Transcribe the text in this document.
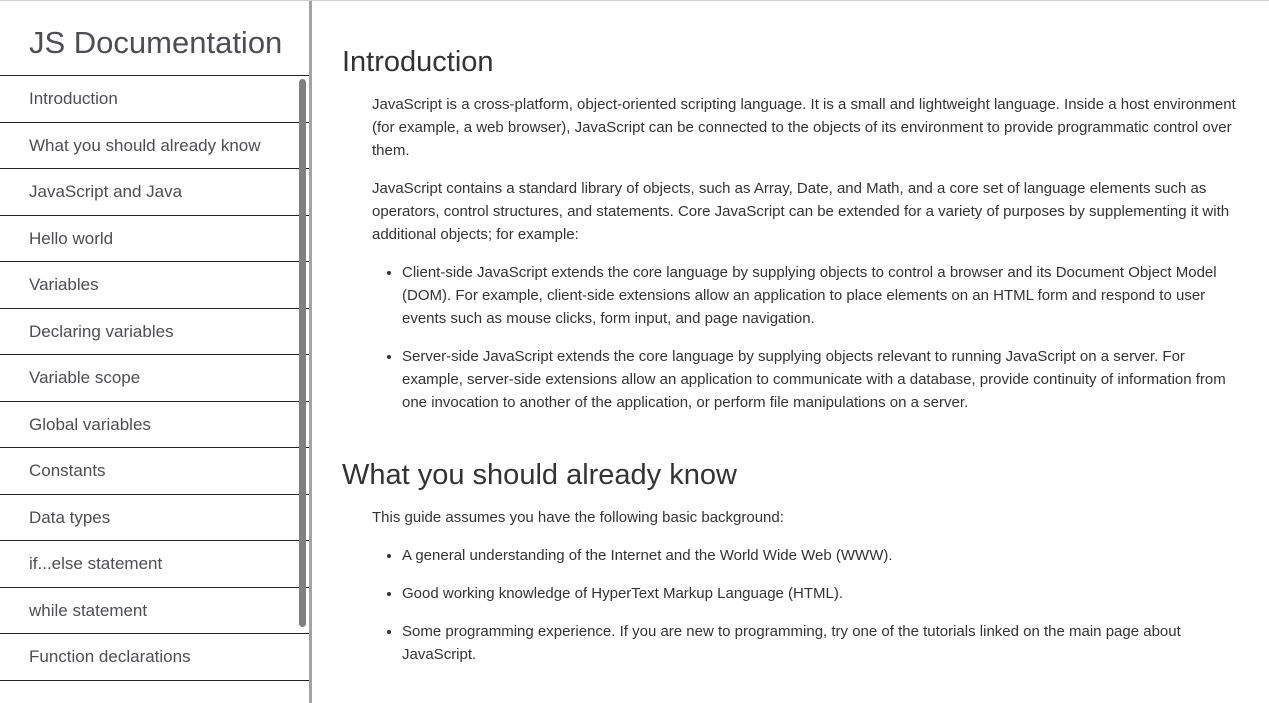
JS Documentation
Introduction
What you should already know
JavaScript and Java
Hello world
Variables
Declaring variables
Variable scope
Global variables
Constants
Data types
if...else statement
while statement
Function declarations
Introduction

JavaScript is a cross-platform, object-oriented scripting language. It is a small and lightweight language. Inside a host environment (for example, a web browser), JavaScript can be connected to the objects of its environment to provide programmatic control over them.

JavaScript contains a standard library of objects, such as Array, Date, and Math, and a core set of language elements such as operators, control structures, and statements. Core JavaScript can be extended for a variety of purposes by supplementing it with additional objects; for example:

• Client-side JavaScript extends the core language by supplying objects to control a browser and its Document Object Model (DOM). For example, client-side extensions allow an application to place elements on an HTML form and respond to user events such as mouse clicks, form input, and page navigation.
• Server-side JavaScript extends the core language by supplying objects relevant to running JavaScript on a server. For example, server-side extensions allow an application to communicate with a database, provide continuity of information from one invocation to another of the application, or perform file manipulations on a server.
What you should already know

This guide assumes you have the following basic background:

• A general understanding of the Internet and the World Wide Web (WWW).
• Good working knowledge of HyperText Markup Language (HTML).
• Some programming experience. If you are new to programming, try one of the tutorials linked on the main page about JavaScript.
